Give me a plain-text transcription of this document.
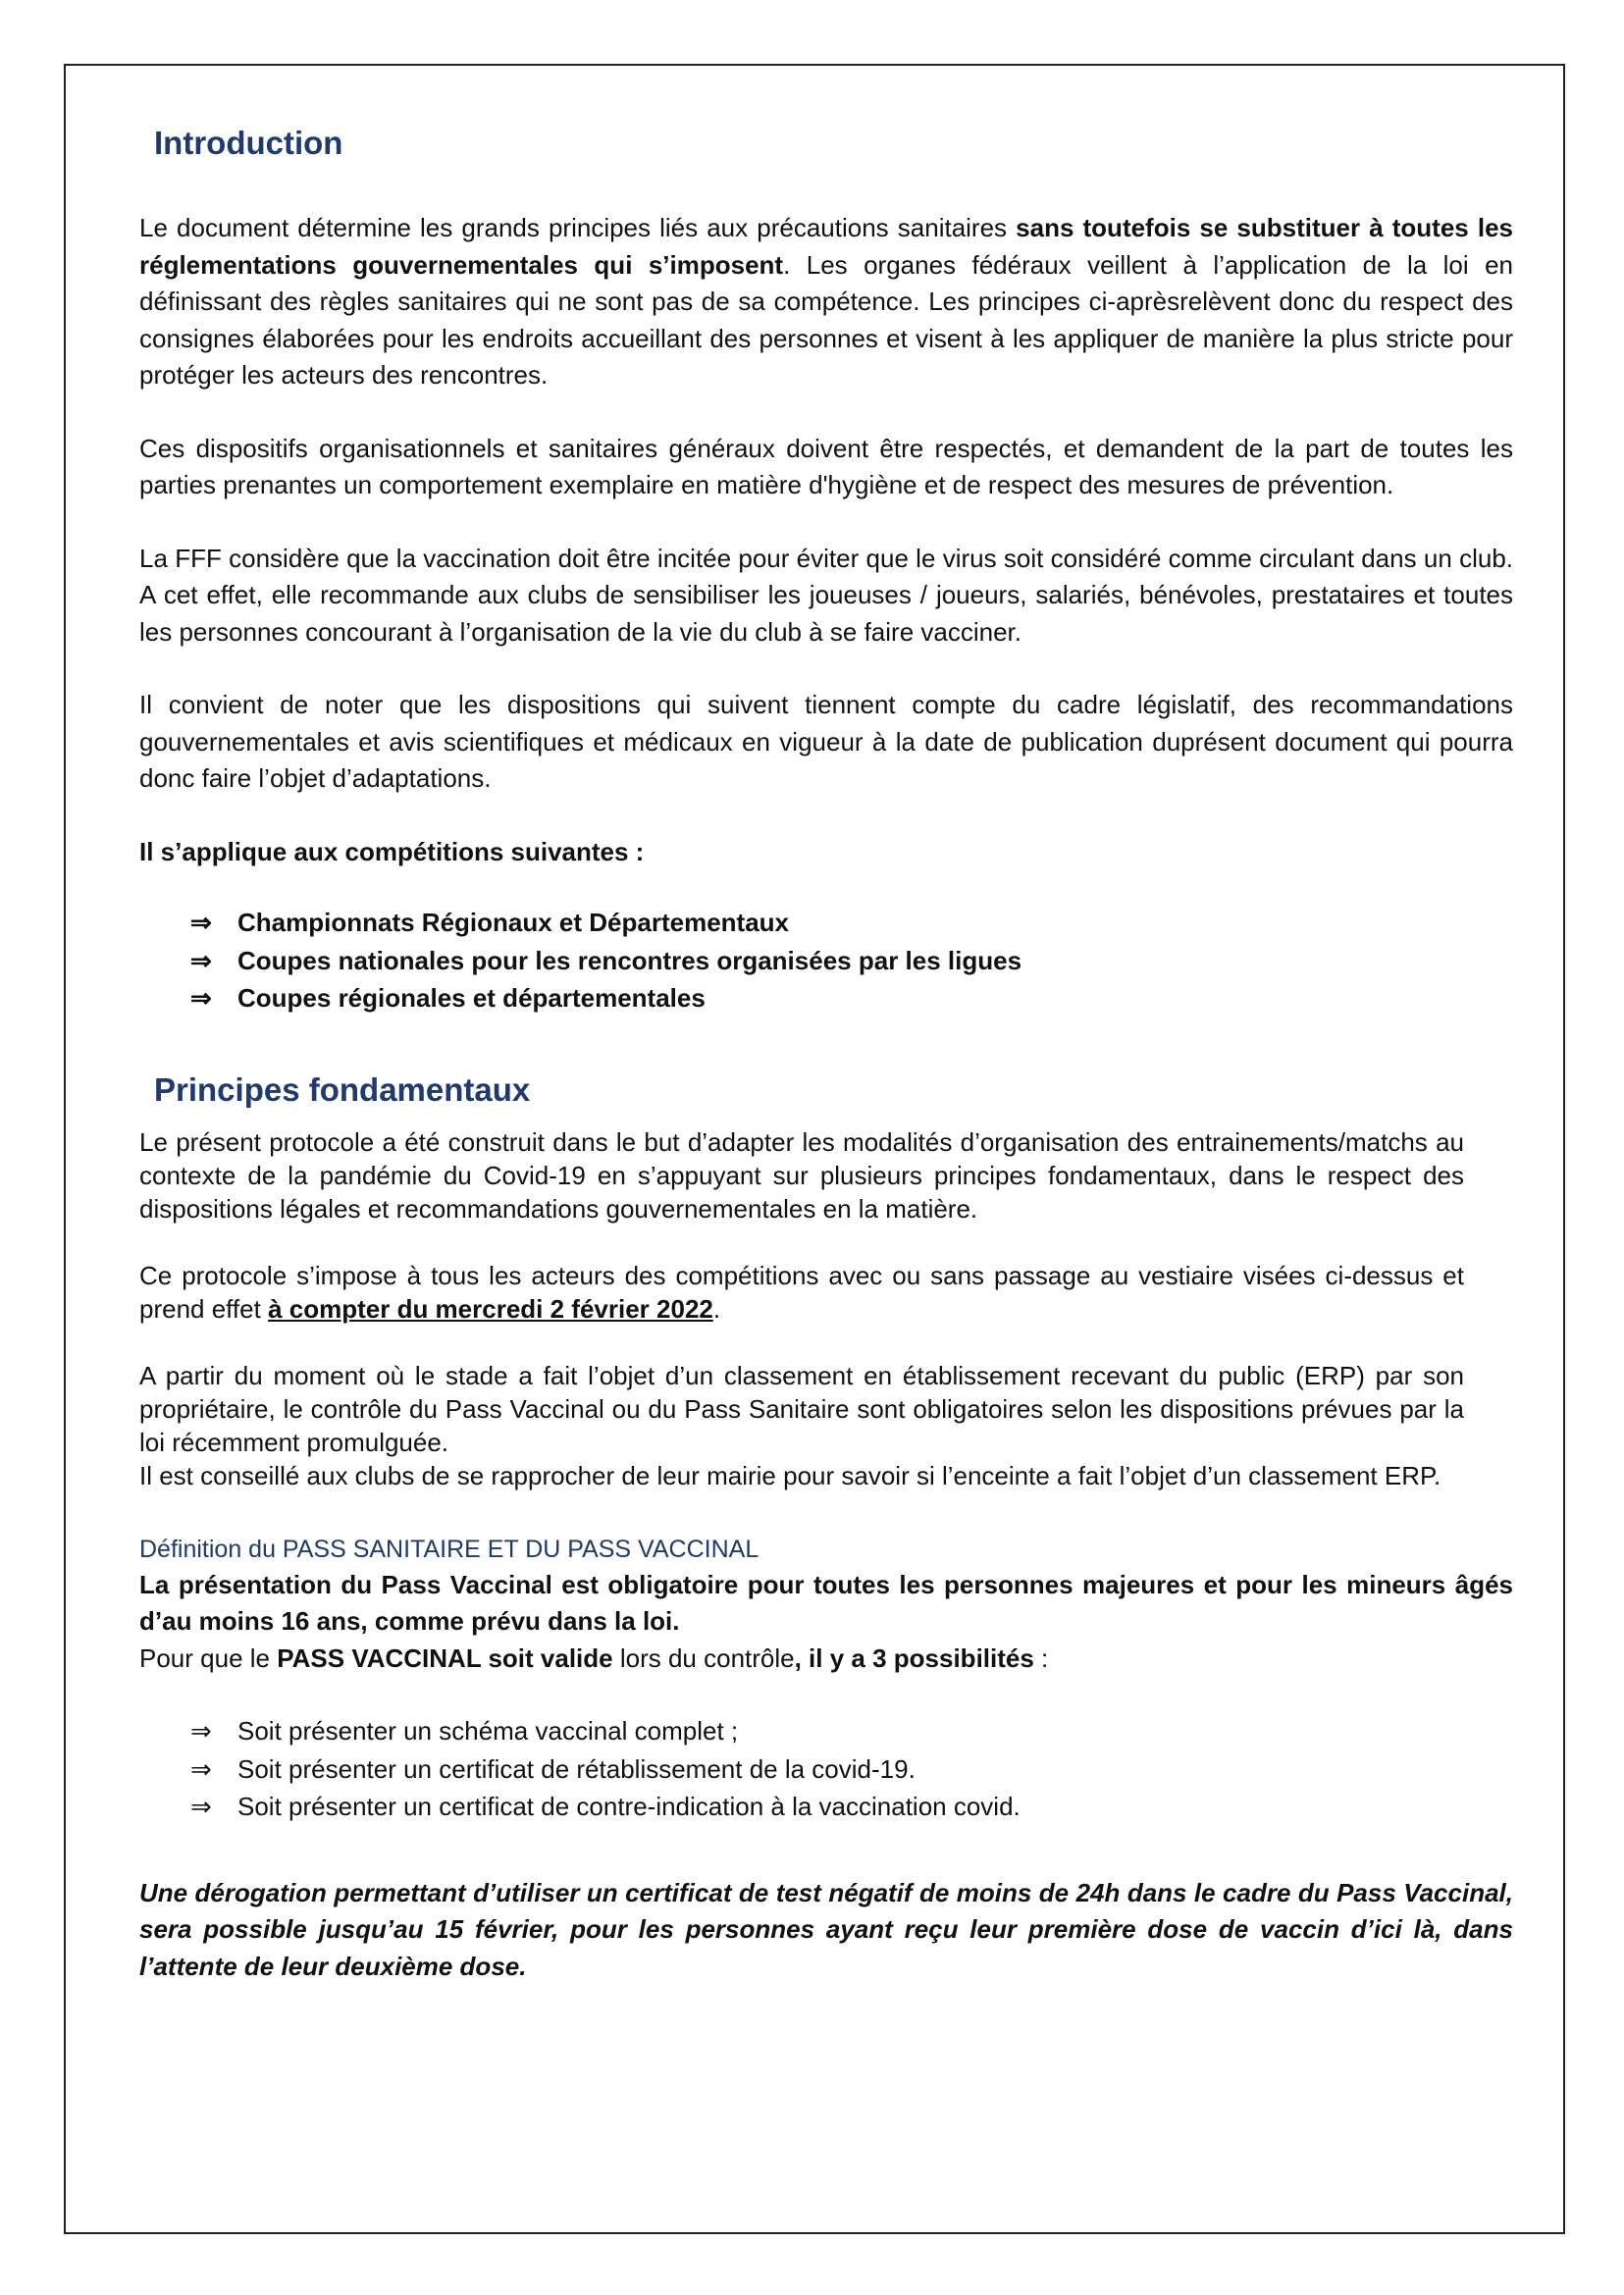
Introduction

Le document détermine les grands principes liés aux précautions sanitaires sans toutefois se substituer à toutes les réglementations gouvernementales qui s’imposent. Les organes fédéraux veillent à l’application de la loi en définissant des règles sanitaires qui ne sont pas de sa compétence. Les principes ci-aprèsrelèvent donc du respect des consignes élaborées pour les endroits accueillant des personnes et visent à les appliquer de manière la plus stricte pour protéger les acteurs des rencontres.

Ces dispositifs organisationnels et sanitaires généraux doivent être respectés, et demandent de la part de toutes les parties prenantes un comportement exemplaire en matière d'hygiène et de respect des mesures de prévention.

La FFF considère que la vaccination doit être incitée pour éviter que le virus soit considéré comme circulant dans un club. A cet effet, elle recommande aux clubs de sensibiliser les joueuses / joueurs, salariés, bénévoles, prestataires et toutes les personnes concourant à l’organisation de la vie du club à se faire vacciner.

Il convient de noter que les dispositions qui suivent tiennent compte du cadre législatif, des recommandations gouvernementales et avis scientifiques et médicaux en vigueur à la date de publication duprésent document qui pourra donc faire l’objet d’adaptations.

Il s’applique aux compétitions suivantes :

⇒ Championnats Régionaux et Départementaux
⇒ Coupes nationales pour les rencontres organisées par les ligues
⇒ Coupes régionales et départementales
Principes fondamentaux

Le présent protocole a été construit dans le but d’adapter les modalités d’organisation des entrainements/matchs au contexte de la pandémie du Covid-19 en s’appuyant sur plusieurs principes fondamentaux, dans le respect des dispositions légales et recommandations gouvernementales en la matière.

Ce protocole s’impose à tous les acteurs des compétitions avec ou sans passage au vestiaire visées ci-dessus et prend effet à compter du mercredi 2 février 2022.

A partir du moment où le stade a fait l’objet d’un classement en établissement recevant du public (ERP) par son propriétaire, le contrôle du Pass Vaccinal ou du Pass Sanitaire sont obligatoires selon les dispositions prévues par la loi récemment promulguée.

Il est conseillé aux clubs de se rapprocher de leur mairie pour savoir si l’enceinte a fait l’objet d’un classement ERP.

Définition du PASS SANITAIRE ET DU PASS VACCINAL

La présentation du Pass Vaccinal est obligatoire pour toutes les personnes majeures et pour les mineurs âgés d’au moins 16 ans, comme prévu dans la loi.

Pour que le PASS VACCINAL soit valide lors du contrôle, il y a 3 possibilités :

⇒ Soit présenter un schéma vaccinal complet ;
⇒ Soit présenter un certificat de rétablissement de la covid-19.
⇒ Soit présenter un certificat de contre-indication à la vaccination covid.

Une dérogation permettant d’utiliser un certificat de test négatif de moins de 24h dans le cadre du Pass Vaccinal, sera possible jusqu’au 15 février, pour les personnes ayant reçu leur première dose de vaccin d’ici là, dans l’attente de leur deuxième dose.
